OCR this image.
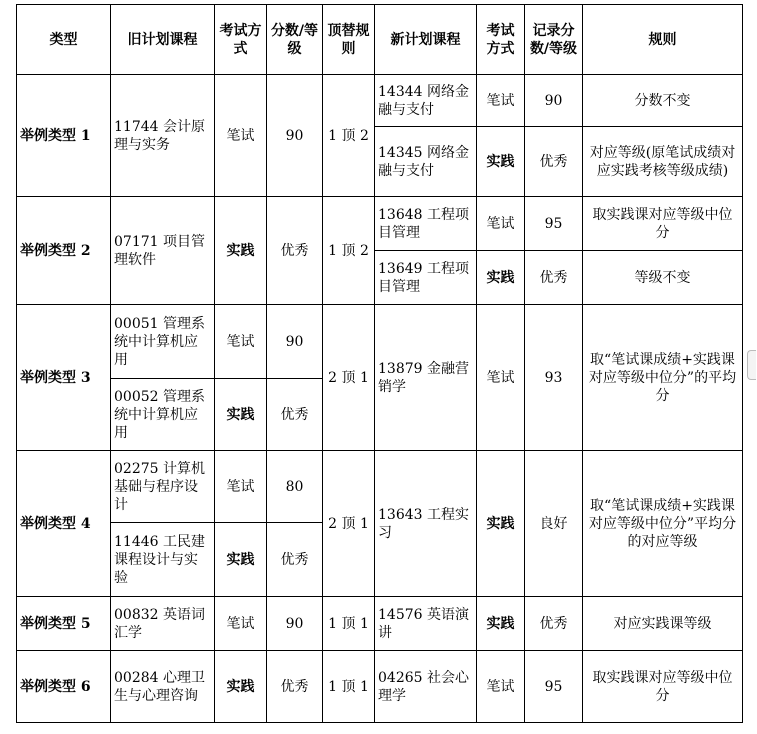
类型	旧计划课程	考试方式	分数/等级	顶替规则	新计划课程	考试方式	记录分数/等级	规则
举例类型 1	11744 会计原理与实务	笔试	90	1 顶 2	14344 网络金融与支付	笔试	90	分数不变
					14345 网络金融与支付	实践	优秀	对应等级(原笔试成绩对应实践考核等级成绩)
举例类型 2	07171 项目管理软件	实践	优秀	1 顶 2	13648 工程项目管理	笔试	95	取实践课对应等级中位分
					13649 工程项目管理	实践	优秀	等级不变
举例类型 3	00051 管理系统中计算机应用	笔试	90	2 顶 1	13879 金融营销学	笔试	93	取“笔试课成绩+实践课对应等级中位分”的平均分
	00052 管理系统中计算机应用	实践	优秀					
举例类型 4	02275 计算机基础与程序设计	笔试	80	2 顶 1	13643 工程实习	实践	良好	取“笔试课成绩+实践课对应等级中位分”平均分的对应等级
	11446 工民建课程设计与实验	实践	优秀					
举例类型 5	00832 英语词汇学	笔试	90	1 顶 1	14576 英语演讲	实践	优秀	对应实践课等级
举例类型 6	00284 心理卫生与心理咨询	实践	优秀	1 顶 1	04265 社会心理学	笔试	95	取实践课对应等级中位分
